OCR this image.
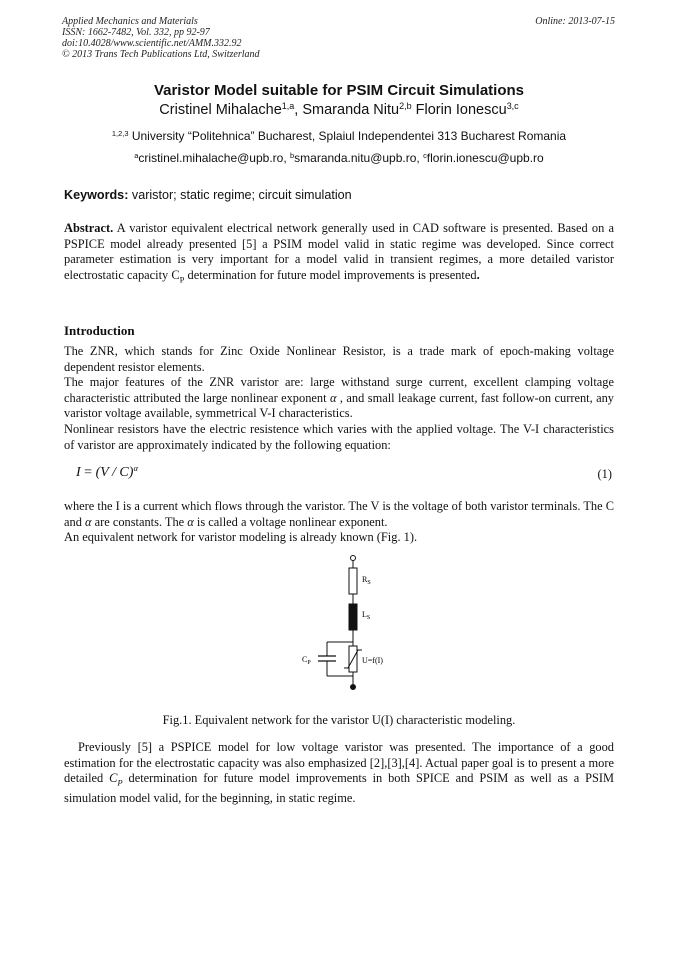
Applied Mechanics and Materials
ISSN: 1662-7482, Vol. 332, pp 92-97
doi:10.4028/www.scientific.net/AMM.332.92
© 2013 Trans Tech Publications Ltd, Switzerland
Online: 2013-07-15
Varistor Model suitable for PSIM Circuit Simulations
Cristinel Mihalache$^{1,a}$, Smaranda Nitu$^{2,b}$ Florin Ionescu$^{3,c}$
$^{1,2,3}$ University “Politehnica” Bucharest, Splaiul Independentei 313 Bucharest Romania
$^a$cristinel.mihalache@upb.ro, $^b$smaranda.nitu@upb.ro, $^c$florin.ionescu@upb.ro
Keywords: varistor; static regime; circuit simulation
Abstract. A varistor equivalent electrical network generally used in CAD software is presented. Based on a PSPICE model already presented [5] a PSIM model valid in static regime was developed. Since correct parameter estimation is very important for a model valid in transient regimes, a more detailed varistor electrostatic capacity $C_P$ determination for future model improvements is presented.
Introduction
The ZNR, which stands for Zinc Oxide Nonlinear Resistor, is a trade mark of epoch-making voltage dependent resistor elements.
The major features of the ZNR varistor are: large withstand surge current, excellent clamping voltage characteristic attributed the large nonlinear exponent α , and small leakage current, fast follow-on current, any varistor voltage available, symmetrical V-I characteristics.
Nonlinear resistors have the electric resistence which varies with the applied voltage. The V-I characteristics of varistor are approximately indicated by the following equation:
I = (V / C)$^\alpha$	(1)
where the I is a current which flows through the varistor. The V is the voltage of both varistor terminals. The C and α are constants. The α is called a voltage nonlinear exponent.
An equivalent network for varistor modeling is already known (Fig. 1).
$R_S$
$L_S$
$C_P$	U=f(I)
Fig.1. Equivalent network for the varistor U(I) characteristic modeling.
Previously [5] a PSPICE model for low voltage varistor was presented. The importance of a good estimation for the electrostatic capacity was also emphasized [2],[3],[4]. Actual paper goal is to present a more detailed $C_P$ determination for future model improvements in both SPICE and PSIM as well as a PSIM simulation model valid, for the beginning, in static regime.
